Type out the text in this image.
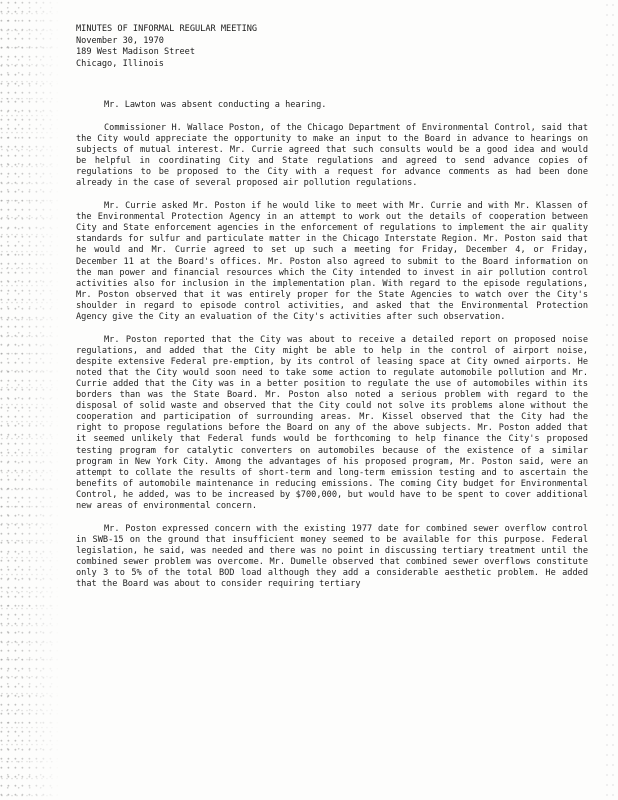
MINUTES OF INFORMAL REGULAR MEETING
November 30, 1970
189 West Madison Street
Chicago, Illinois

Mr. Lawton was absent conducting a hearing.

Commissioner H. Wallace Poston, of the Chicago Department of Environmental Control, said that the City would appreciate the opportunity to make an input to the Board in advance to hearings on subjects of mutual interest. Mr. Currie agreed that such consults would be a good idea and would be helpful in coordinating City and State regulations and agreed to send advance copies of regulations to be proposed to the City with a request for advance comments as had been done already in the case of several proposed air pollution regulations.

Mr. Currie asked Mr. Poston if he would like to meet with Mr. Currie and with Mr. Klassen of the Environmental Protection Agency in an attempt to work out the details of cooperation between City and State enforcement agencies in the enforcement of regulations to implement the air quality standards for sulfur and particulate matter in the Chicago Interstate Region. Mr. Poston said that he would and Mr. Currie agreed to set up such a meeting for Friday, December 4, or Friday, December 11 at the Board's offices. Mr. Poston also agreed to submit to the Board information on the man power and financial resources which the City intended to invest in air pollution control activities also for inclusion in the implementation plan. With regard to the episode regulations, Mr. Poston observed that it was entirely proper for the State Agencies to watch over the City's shoulder in regard to episode control activities, and asked that the Environmental Protection Agency give the City an evaluation of the City's activities after such observation.

Mr. Poston reported that the City was about to receive a detailed report on proposed noise regulations, and added that the City might be able to help in the control of airport noise, despite extensive Federal pre-emption, by its control of leasing space at City owned airports. He noted that the City would soon need to take some action to regulate automobile pollution and Mr. Currie added that the City was in a better position to regulate the use of automobiles within its borders than was the State Board. Mr. Poston also noted a serious problem with regard to the disposal of solid waste and observed that the City could not solve its problems alone without the cooperation and participation of surrounding areas. Mr. Kissel observed that the City had the right to propose regulations before the Board on any of the above subjects. Mr. Poston added that it seemed unlikely that Federal funds would be forthcoming to help finance the City's proposed testing program for catalytic converters on automobiles because of the existence of a similar program in New York City. Among the advantages of his proposed program, Mr. Poston said, were an attempt to collate the results of short-term and long-term emission testing and to ascertain the benefits of automobile maintenance in reducing emissions. The coming City budget for Environmental Control, he added, was to be increased by $700,000, but would have to be spent to cover additional new areas of environmental concern.

Mr. Poston expressed concern with the existing 1977 date for combined sewer overflow control in SWB-15 on the ground that insufficient money seemed to be available for this purpose. Federal legislation, he said, was needed and there was no point in discussing tertiary treatment until the combined sewer problem was overcome. Mr. Dumelle observed that combined sewer overflows constitute only 3 to 5% of the total BOD load although they add a considerable aesthetic problem. He added that the Board was about to consider requiring tertiary
